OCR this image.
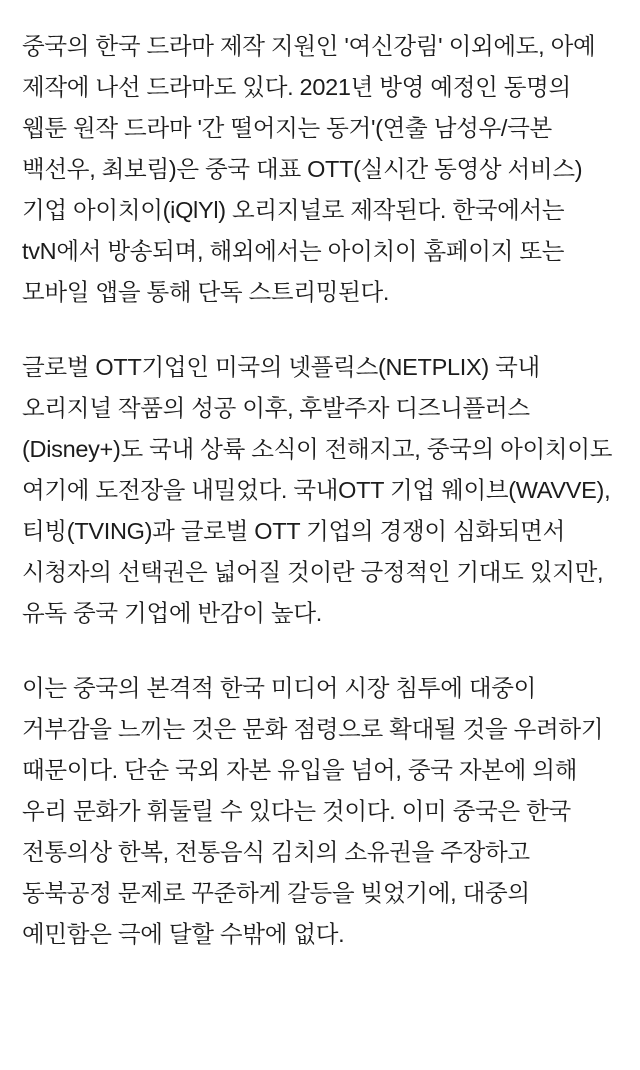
중국의 한국 드라마 제작 지원인 '여신강림' 이외에도, 아예 제작에 나선 드라마도 있다. 2021년 방영 예정인 동명의 웹툰 원작 드라마 '간 떨어지는 동거'(연출 남성우/극본 백선우, 최보림)은 중국 대표 OTT(실시간 동영상 서비스) 기업 아이치이(iQlYl) 오리지널로 제작된다. 한국에서는 tvN에서 방송되며, 해외에서는 아이치이 홈페이지 또는 모바일 앱을 통해 단독 스트리밍된다.

글로벌 OTT기업인 미국의 넷플릭스(NETPLIX) 국내 오리지널 작품의 성공 이후, 후발주자 디즈니플러스(Disney+)도 국내 상륙 소식이 전해지고, 중국의 아이치이도 여기에 도전장을 내밀었다. 국내OTT 기업 웨이브(WAVVE), 티빙(TVING)과 글로벌 OTT 기업의 경쟁이 심화되면서 시청자의 선택권은 넓어질 것이란 긍정적인 기대도 있지만, 유독 중국 기업에 반감이 높다.

이는 중국의 본격적 한국 미디어 시장 침투에 대중이 거부감을 느끼는 것은 문화 점령으로 확대될 것을 우려하기 때문이다. 단순 국외 자본 유입을 넘어, 중국 자본에 의해 우리 문화가 휘둘릴 수 있다는 것이다. 이미 중국은 한국 전통의상 한복, 전통음식 김치의 소유권을 주장하고 동북공정 문제로 꾸준하게 갈등을 빚었기에, 대중의 예민함은 극에 달할 수밖에 없다.
